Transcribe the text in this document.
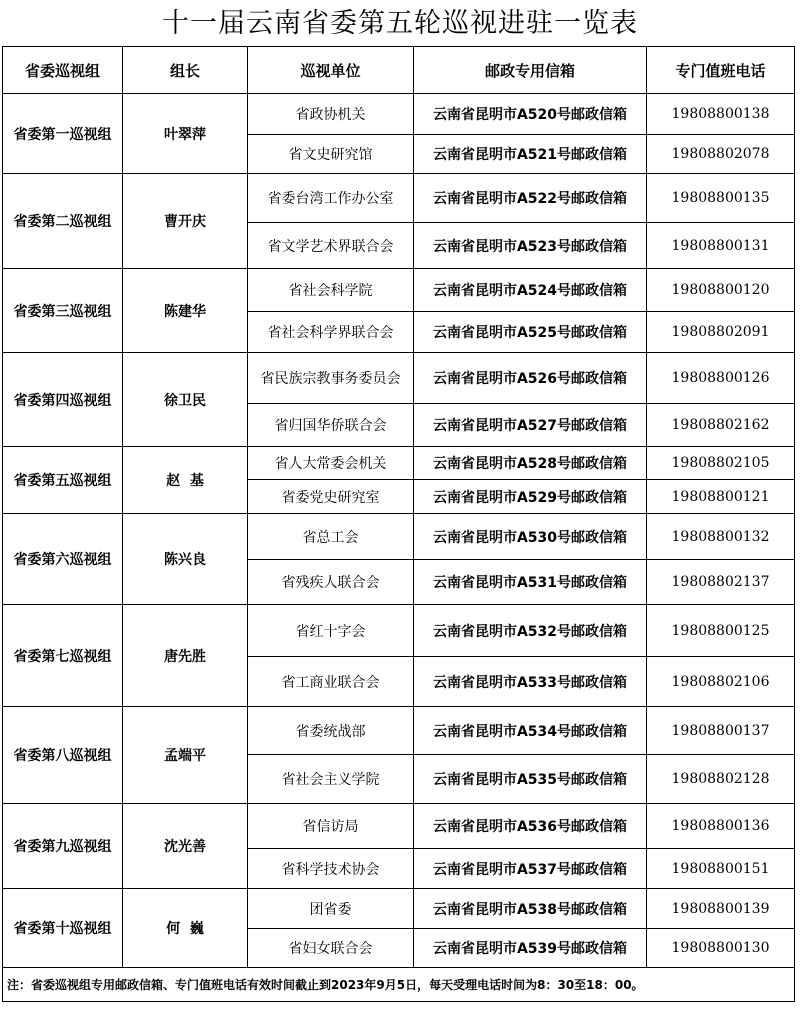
十一届云南省委第五轮巡视进驻一览表
省委巡视组	组长	巡视单位	邮政专用信箱	专门值班电话
省委第一巡视组	叶翠萍	省政协机关	云南省昆明市A520号邮政信箱	19808800138
		省文史研究馆	云南省昆明市A521号邮政信箱	19808802078
省委第二巡视组	曹开庆	省委台湾工作办公室	云南省昆明市A522号邮政信箱	19808800135
		省文学艺术界联合会	云南省昆明市A523号邮政信箱	19808800131
省委第三巡视组	陈建华	省社会科学院	云南省昆明市A524号邮政信箱	19808800120
		省社会科学界联合会	云南省昆明市A525号邮政信箱	19808802091
省委第四巡视组	徐卫民	省民族宗教事务委员会	云南省昆明市A526号邮政信箱	19808800126
		省归国华侨联合会	云南省昆明市A527号邮政信箱	19808802162
省委第五巡视组	赵  基	省人大常委会机关	云南省昆明市A528号邮政信箱	19808802105
		省委党史研究室	云南省昆明市A529号邮政信箱	19808800121
省委第六巡视组	陈兴良	省总工会	云南省昆明市A530号邮政信箱	19808800132
		省残疾人联合会	云南省昆明市A531号邮政信箱	19808802137
省委第七巡视组	唐先胜	省红十字会	云南省昆明市A532号邮政信箱	19808800125
		省工商业联合会	云南省昆明市A533号邮政信箱	19808802106
省委第八巡视组	孟端平	省委统战部	云南省昆明市A534号邮政信箱	19808800137
		省社会主义学院	云南省昆明市A535号邮政信箱	19808802128
省委第九巡视组	沈光善	省信访局	云南省昆明市A536号邮政信箱	19808800136
		省科学技术协会	云南省昆明市A537号邮政信箱	19808800151
省委第十巡视组	何  巍	团省委	云南省昆明市A538号邮政信箱	19808800139
		省妇女联合会	云南省昆明市A539号邮政信箱	19808800130
注：省委巡视组专用邮政信箱、专门值班电话有效时间截止到2023年9月5日，每天受理电话时间为8：30至18：00。				
